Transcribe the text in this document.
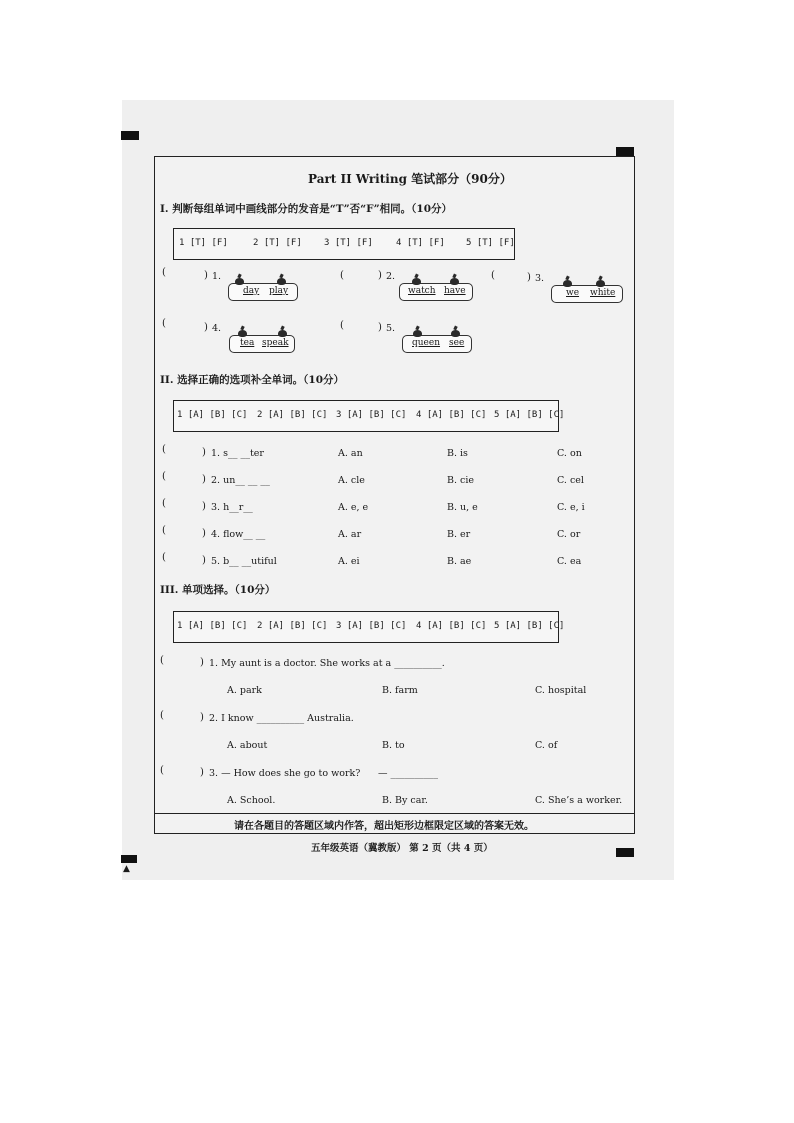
▲
Part II Writing 笔试部分（90分）
I. 判断每组单词中画线部分的发音是“T”否“F”相同。（10分）
1 [T] [F]	2 [T] [F] 3 [T] [F]	4 [T] [F] 5 [T] [F]
(	) 1.
day play
(	) 2.
watch have
(	) 3.
we white
(	) 4.
tea speak
(	) 5.
queen see
II. 选择正确的选项补全单词。（10分）
1 [A] [B] [C] 2 [A] [B] [C] 3 [A] [B] [C] 4 [A] [B] [C] 5 [A] [B] [C]
(	) 1. s__ __ter	A. an	B. is	C. on
(	) 2. un__ __ __	A. cle	B. cie	C. cel
(	) 3. h__r__	A. e, e	B. u, e	C. e, i
(	) 4. flow__ __	A. ar	B. er	C. or
(	) 5. b__ __utiful	A. ei	B. ae	C. ea
III. 单项选择。（10分）
1 [A] [B] [C] 2 [A] [B] [C] 3 [A] [B] [C] 4 [A] [B] [C] 5 [A] [B] [C]
(	) 1. My aunt is a doctor. She works at a __________.
A. park	B. farm	C. hospital
(	) 2. I know __________ Australia.
A. about	B. to	C. of
(	) 3. — How does she go to work? — __________
A. School.	B. By car.	C. She’s a worker.
请在各题目的答题区域内作答，超出矩形边框限定区域的答案无效。
五年级英语（冀教版） 第 2 页（共 4 页）
